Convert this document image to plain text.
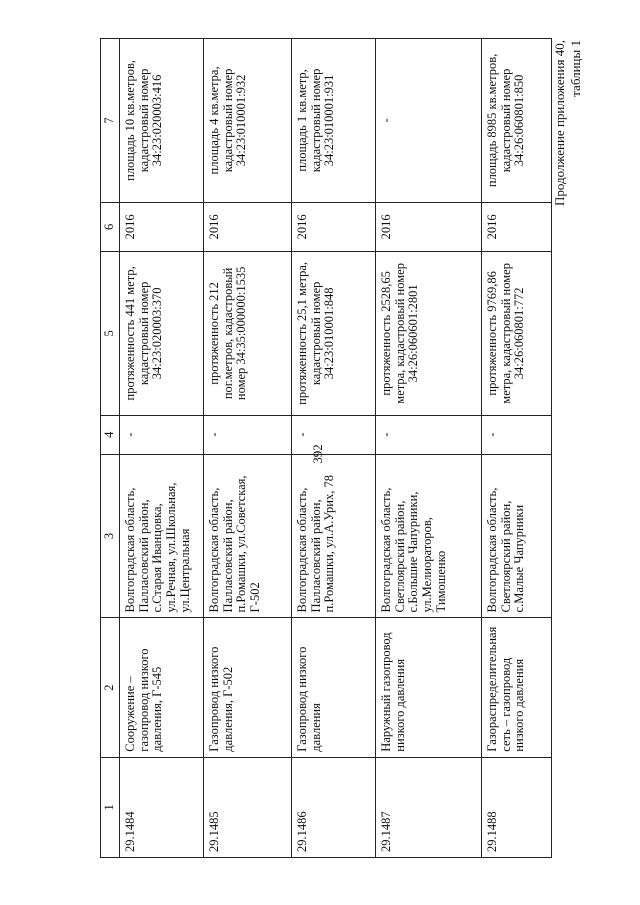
392
Продолжение приложения 40, таблицы 1
1	2	3	4	5	6	7
29.1484	Сооружение – газопровод низкого давления, Г-545	Волгоградская область, Палласовский район, с.Старая Иванцовка, ул.Речная, ул.Школьная, ул.Центральная	-	протяженность 441 метр, кадастровый номер 34:23:020003:370	2016	площадь 10 кв.метров, кадастровый номер 34:23:020003:416
29.1485	Газопровод низкого давления, Г-502	Волгоградская область, Палласовский район, п.Ромашки, ул.Советская, Г-502	-	протяженность 212 пог.метров, кадастровый номер 34:35:000000:1535	2016	площадь 4 кв.метра, кадастровый номер 34:23:010001:932
29.1486	Газопровод низкого давления	Волгоградская область, Палласовский район, п.Ромашки, ул.А.Урих, 78	-	протяженность 25,1 метра, кадастровый номер 34:23:010001:848	2016	площадь 1 кв.метр, кадастровый номер 34:23:010001:931
29.1487	Наружный газопровод низкого давления	Волгоградская область, Светлоярский район, с.Большие Чапурники, ул.Мелиораторов, Тимошенко	-	протяженность 2528,65 метра, кадастровый номер 34:26:060601:2801	2016	-
29.1488	Газораспределительная сеть – газопровод низкого давления	Волгоградская область, Светлоярский район, с.Малые Чапурники	-	протяженность 9769,86 метра, кадастровый номер 34:26:060801:772	2016	площадь 8985 кв.метров, кадастровый номер 34:26:060801:850
